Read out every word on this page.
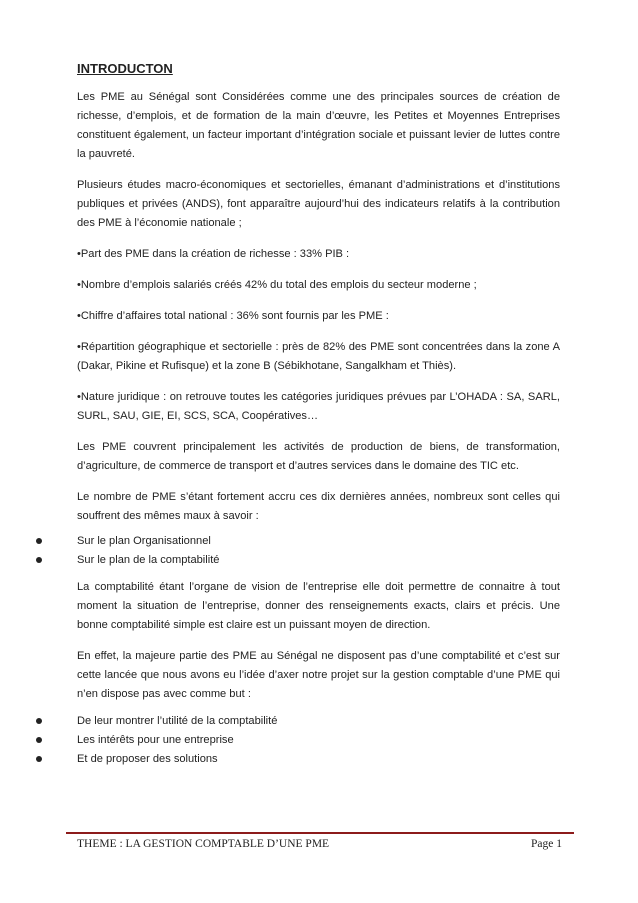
INTRODUCTON

Les PME au Sénégal sont Considérées comme une des principales sources de création de richesse, d’emplois, et de formation de la main d’œuvre, les Petites et Moyennes Entreprises constituent également, un facteur important d’intégration sociale et puissant levier de luttes contre la pauvreté.

Plusieurs études macro-économiques et sectorielles, émanant d’administrations et d’institutions publiques et privées (ANDS), font apparaître aujourd’hui des indicateurs relatifs à la contribution des PME à l’économie nationale ;

•Part des PME dans la création de richesse : 33% PIB :

•Nombre d’emplois salariés créés 42% du total des emplois du secteur moderne ;

•Chiffre d’affaires total national : 36% sont fournis par les PME :

•Répartition géographique et sectorielle : près de 82% des PME sont concentrées dans la zone A (Dakar, Pikine et Rufisque) et la zone B (Sébikhotane, Sangalkham et Thiès).

•Nature juridique : on retrouve toutes les catégories juridiques prévues par L’OHADA : SA, SARL, SURL, SAU, GIE, EI, SCS, SCA, Coopératives…

Les PME couvrent principalement les activités de production de biens, de transformation, d’agriculture, de commerce de transport et d’autres services dans le domaine des TIC etc.

Le nombre de PME s’étant fortement accru ces dix dernières années, nombreux sont celles qui souffrent des mêmes maux à savoir :

Sur le plan Organisationnel
Sur le plan de la comptabilité

La comptabilité étant l’organe de vision de l’entreprise elle doit permettre de connaitre à tout moment la situation de l’entreprise, donner des renseignements exacts, clairs et précis. Une bonne comptabilité simple est claire est un puissant moyen de direction.

En effet, la majeure partie des PME au Sénégal ne disposent pas d’une comptabilité et c’est sur cette lancée que nous avons eu l’idée d’axer notre projet sur la gestion comptable d’une PME qui n’en dispose pas avec comme but :

De leur montrer l’utilité de la comptabilité
Les intérêts pour une entreprise
Et de proposer des solutions
THEME : LA GESTION COMPTABLE D’UNE PME	Page 1
